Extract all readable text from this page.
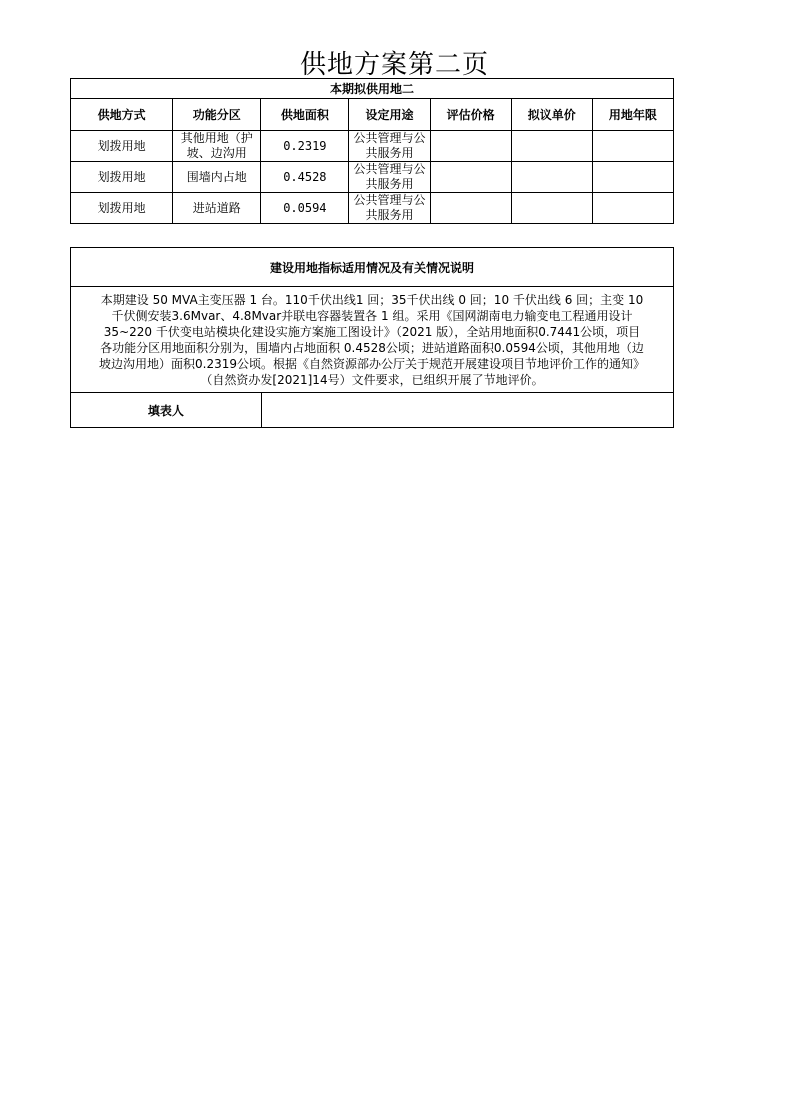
供地方案第二页
本期拟供用地二						
供地方式	功能分区	供地面积	设定用途	评估价格	拟议单价	用地年限
划拨用地	其他用地（护坡、边沟用	0.2319	公共管理与公共服务用			

划拨用地	围墙内占地	0.4528	公共管理与公共服务用			

划拨用地	进站道路	0.0594	公共管理与公共服务用			

建设用地指标适用情况及有关情况说明

本期建设 50 MVA主变压器 1 台。110千伏出线1 回；35千伏出线 0 回；10 千伏出线 6 回；主变 10
千伏侧安装3.6Mvar、4.8Mvar并联电容器装置各 1 组。采用《国网湖南电力输变电工程通用设计
35~220 千伏变电站模块化建设实施方案施工图设计》（2021 版），全站用地面积0.7441公顷，项目
各功能分区用地面积分别为，围墙内占地面积 0.4528公顷；进站道路面积0.0594公顷，其他用地（边
坡边沟用地）面积0.2319公顷。根据《自然资源部办公厅关于规范开展建设项目节地评价工作的通知》
（自然资办发[2021]14号）文件要求，已组织开展了节地评价。

填表人	
